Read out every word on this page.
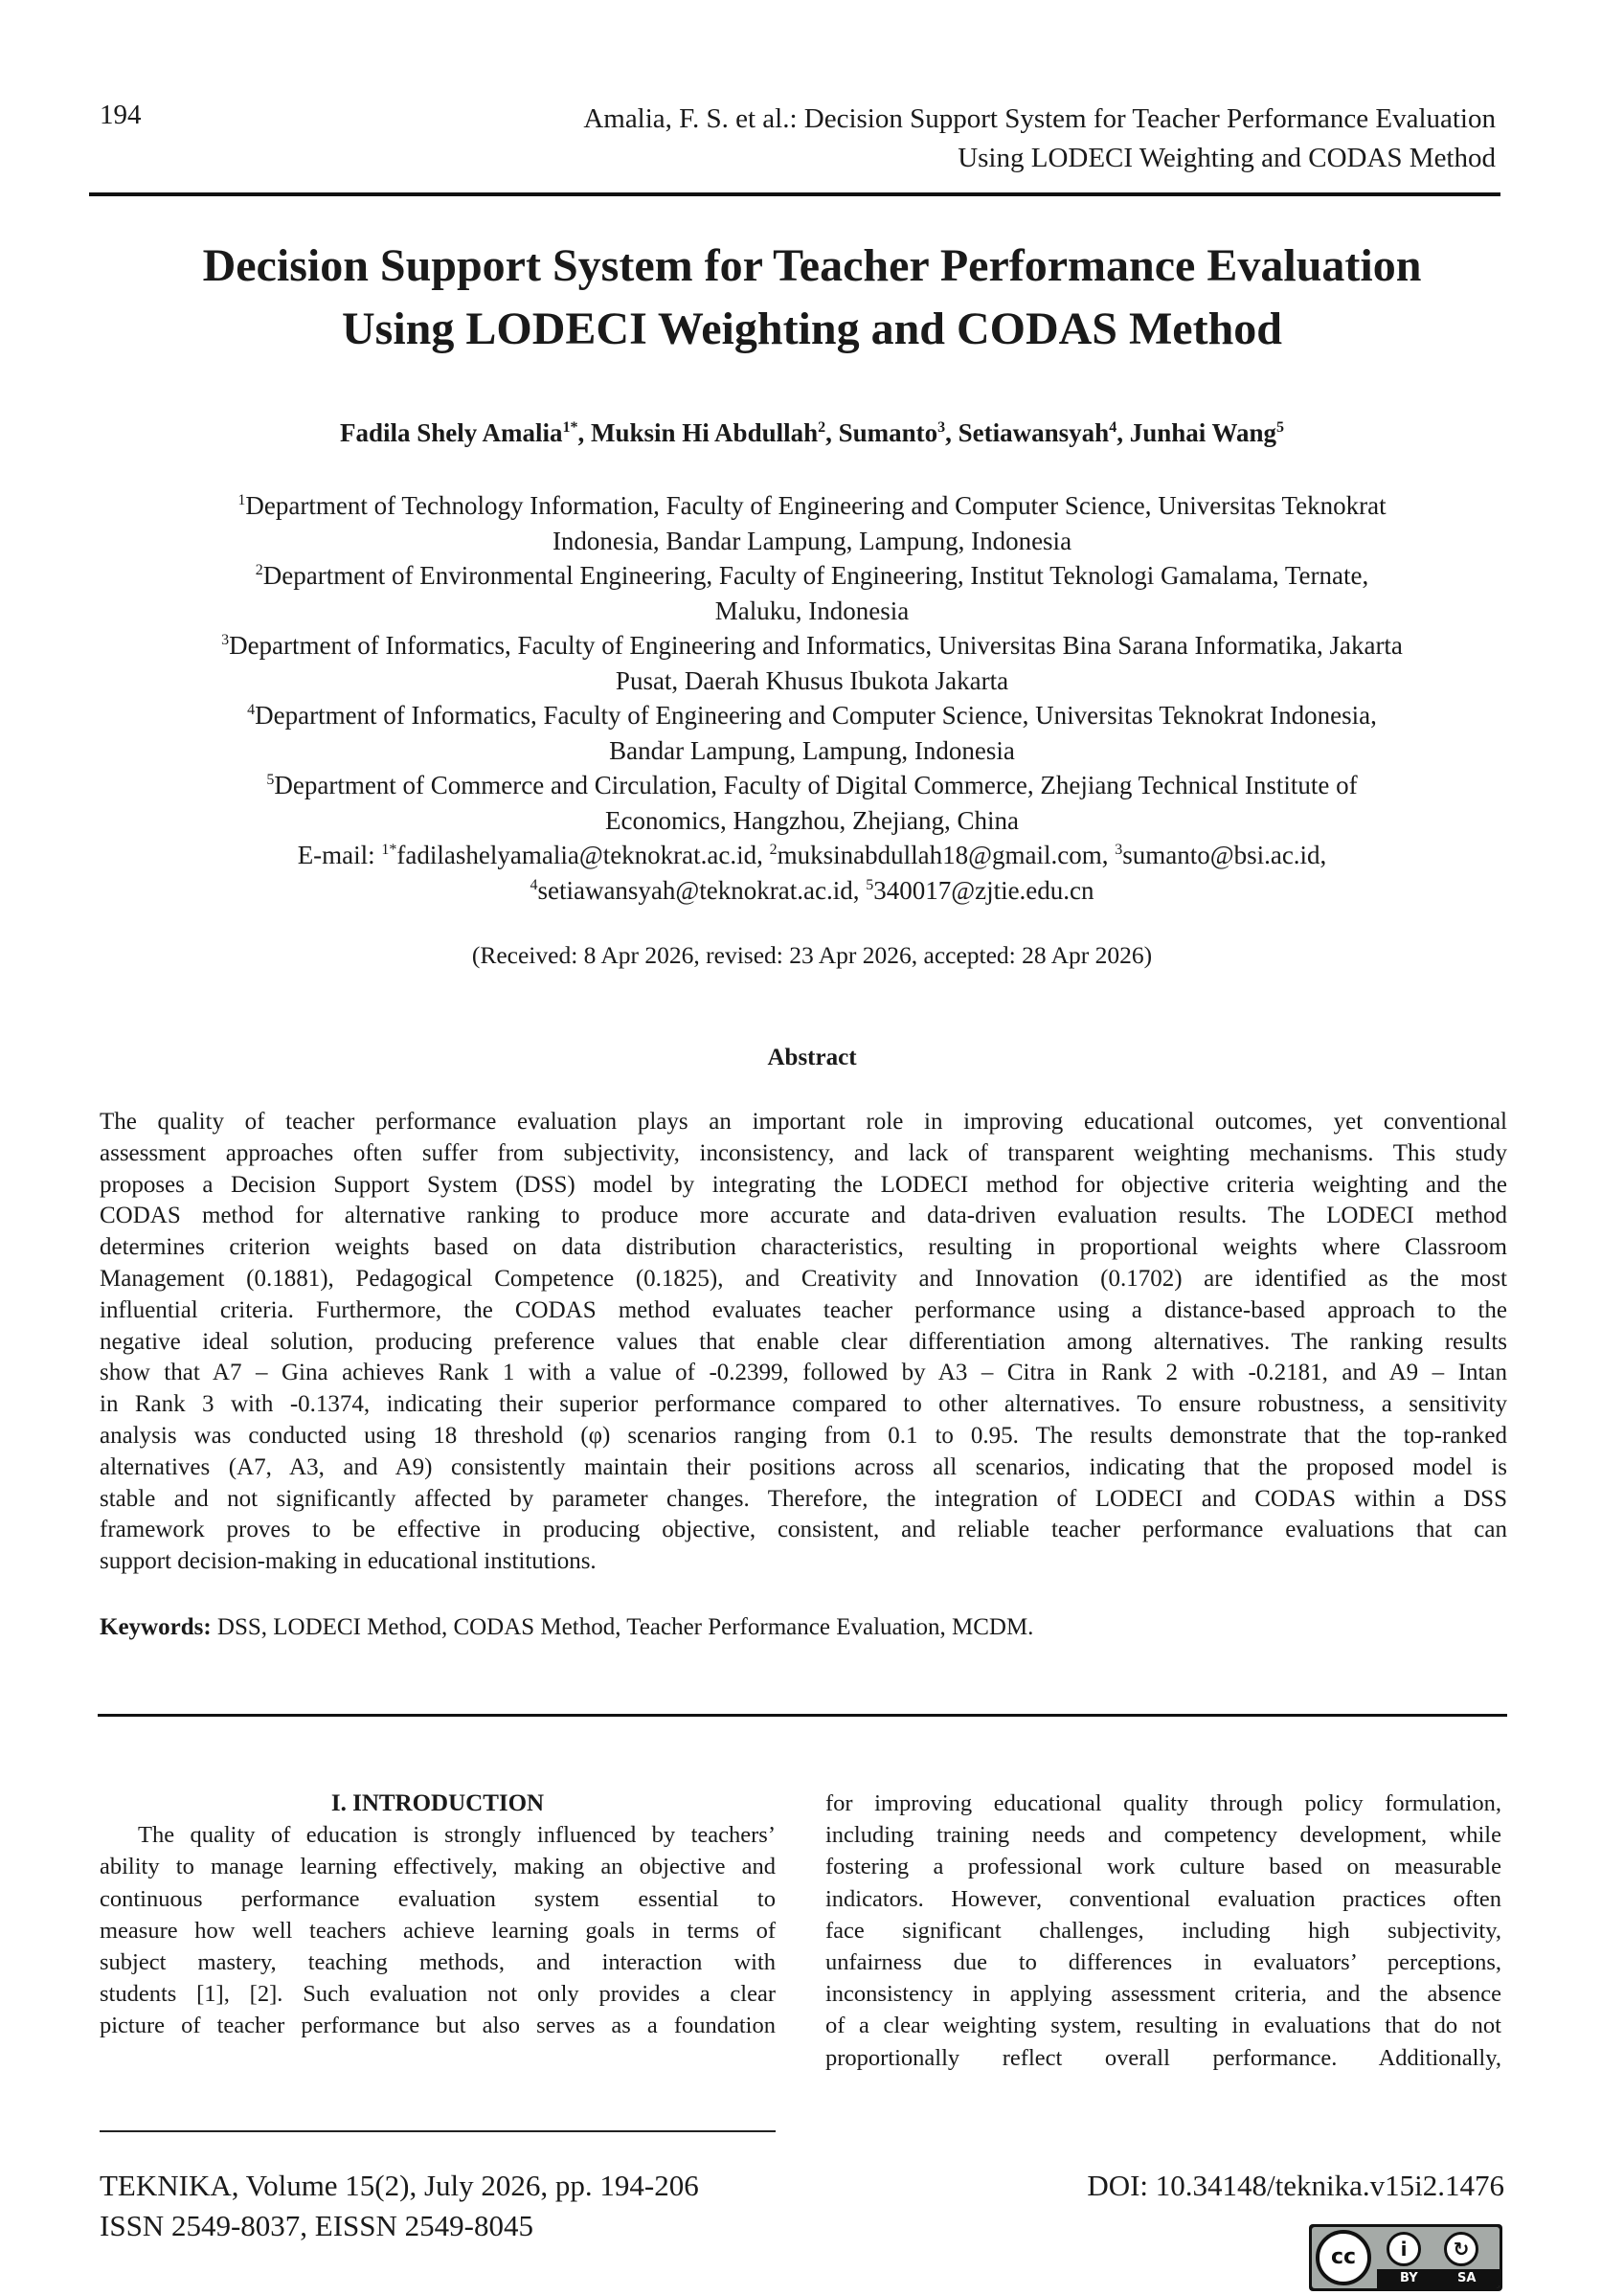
194	Amalia, F. S. et al.: Decision Support System for Teacher Performance Evaluation
Using LODECI Weighting and CODAS Method
Decision Support System for Teacher Performance Evaluation
Using LODECI Weighting and CODAS Method
Fadila Shely Amalia$^{1*}$, Muksin Hi Abdullah$^2$, Sumanto$^3$, Setiawansyah$^4$, Junhai Wang$^5$
$^1$Department of Technology Information, Faculty of Engineering and Computer Science, Universitas Teknokrat
Indonesia, Bandar Lampung, Lampung, Indonesia
$^2$Department of Environmental Engineering, Faculty of Engineering, Institut Teknologi Gamalama, Ternate,
Maluku, Indonesia
$^3$Department of Informatics, Faculty of Engineering and Informatics, Universitas Bina Sarana Informatika, Jakarta
Pusat, Daerah Khusus Ibukota Jakarta
$^4$Department of Informatics, Faculty of Engineering and Computer Science, Universitas Teknokrat Indonesia,
Bandar Lampung, Lampung, Indonesia
$^5$Department of Commerce and Circulation, Faculty of Digital Commerce, Zhejiang Technical Institute of
Economics, Hangzhou, Zhejiang, China
E-mail: $^{1*}$fadilashelyamalia@teknokrat.ac.id, $^2$muksinabdullah18@gmail.com, $^3$sumanto@bsi.ac.id,
$^4$setiawansyah@teknokrat.ac.id, $^5$340017@zjtie.edu.cn
(Received: 8 Apr 2026, revised: 23 Apr 2026, accepted: 28 Apr 2026)
Abstract
The quality of teacher performance evaluation plays an important role in improving educational outcomes, yet conventional
assessment approaches often suffer from subjectivity, inconsistency, and lack of transparent weighting mechanisms. This study
proposes a Decision Support System (DSS) model by integrating the LODECI method for objective criteria weighting and the
CODAS method for alternative ranking to produce more accurate and data-driven evaluation results. The LODECI method
determines criterion weights based on data distribution characteristics, resulting in proportional weights where Classroom
Management (0.1881), Pedagogical Competence (0.1825), and Creativity and Innovation (0.1702) are identified as the most
influential criteria. Furthermore, the CODAS method evaluates teacher performance using a distance-based approach to the
negative ideal solution, producing preference values that enable clear differentiation among alternatives. The ranking results
show that A7 – Gina achieves Rank 1 with a value of -0.2399, followed by A3 – Citra in Rank 2 with -0.2181, and A9 – Intan
in Rank 3 with -0.1374, indicating their superior performance compared to other alternatives. To ensure robustness, a sensitivity
analysis was conducted using 18 threshold (φ) scenarios ranging from 0.1 to 0.95. The results demonstrate that the top-ranked
alternatives (A7, A3, and A9) consistently maintain their positions across all scenarios, indicating that the proposed model is
stable and not significantly affected by parameter changes. Therefore, the integration of LODECI and CODAS within a DSS
framework proves to be effective in producing objective, consistent, and reliable teacher performance evaluations that can
support decision-making in educational institutions.
Keywords: DSS, LODECI Method, CODAS Method, Teacher Performance Evaluation, MCDM.
I. INTRODUCTION
The quality of education is strongly influenced by teachers’
ability to manage learning effectively, making an objective and
continuous performance evaluation system essential to
measure how well teachers achieve learning goals in terms of
subject mastery, teaching methods, and interaction with
students [1], [2]. Such evaluation not only provides a clear
picture of teacher performance but also serves as a foundation
for improving educational quality through policy formulation,
including training needs and competency development, while
fostering a professional work culture based on measurable
indicators. However, conventional evaluation practices often
face significant challenges, including high subjectivity,
unfairness due to differences in evaluators’ perceptions,
inconsistency in applying assessment criteria, and the absence
of a clear weighting system, resulting in evaluations that do not
proportionally reflect overall performance. Additionally,
TEKNIKA, Volume 15(2), July 2026, pp. 194-206
ISSN 2549-8037, EISSN 2549-8045
DOI: 10.34148/teknika.v15i2.1476
cc	i	↻
BY	SA
